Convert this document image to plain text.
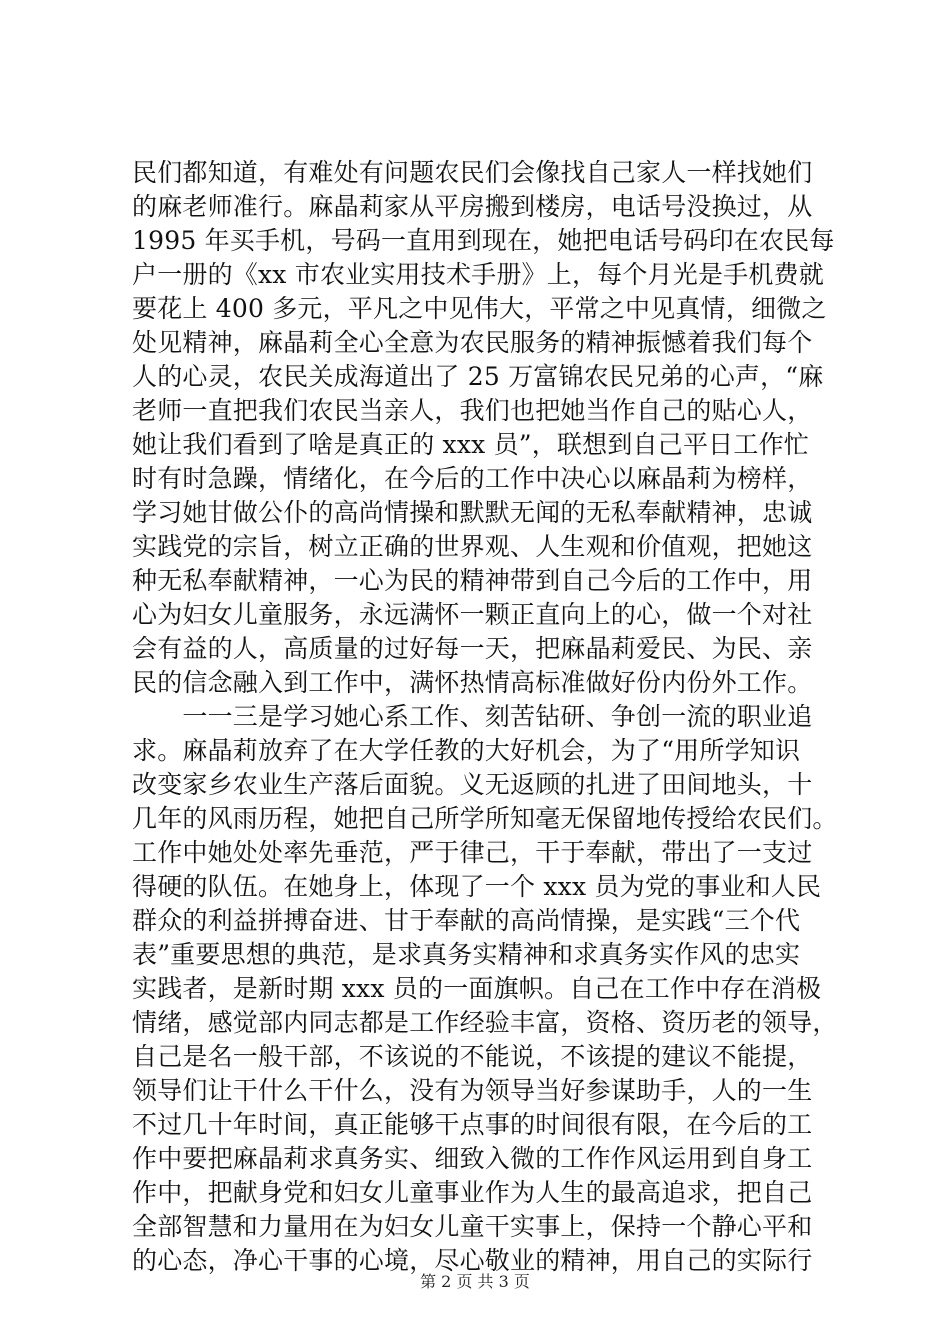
民们都知道，有难处有问题农民们会像找自己家人一样找她们
的麻老师准行。麻晶莉家从平房搬到楼房，电话号没换过，从
1995 年买手机，号码一直用到现在，她把电话号码印在农民每
户一册的《xx 市农业实用技术手册》上，每个月光是手机费就
要花上 400 多元，平凡之中见伟大，平常之中见真情，细微之
处见精神，麻晶莉全心全意为农民服务的精神振憾着我们每个
人的心灵，农民关成海道出了 25 万富锦农民兄弟的心声，“麻
老师一直把我们农民当亲人，我们也把她当作自己的贴心人，
她让我们看到了啥是真正的 xxx 员”，联想到自己平日工作忙
时有时急躁，情绪化，在今后的工作中决心以麻晶莉为榜样，
学习她甘做公仆的高尚情操和默默无闻的无私奉献精神，忠诚
实践党的宗旨，树立正确的世界观、人生观和价值观，把她这
种无私奉献精神，一心为民的精神带到自己今后的工作中，用
心为妇女儿童服务，永远满怀一颗正直向上的心，做一个对社
会有益的人，高质量的过好每一天，把麻晶莉爱民、为民、亲
民的信念融入到工作中，满怀热情高标准做好份内份外工作。
　　一一三是学习她心系工作、刻苦钻研、争创一流的职业追
求。麻晶莉放弃了在大学任教的大好机会，为了“用所学知识
改变家乡农业生产落后面貌。义无返顾的扎进了田间地头，十
几年的风雨历程，她把自己所学所知毫无保留地传授给农民们。
工作中她处处率先垂范，严于律己，干于奉献，带出了一支过
得硬的队伍。在她身上，体现了一个 xxx 员为党的事业和人民
群众的利益拼搏奋进、甘于奉献的高尚情操，是实践“三个代
表”重要思想的典范，是求真务实精神和求真务实作风的忠实
实践者，是新时期 xxx 员的一面旗帜。自己在工作中存在消极
情绪，感觉部内同志都是工作经验丰富，资格、资历老的领导，
自己是名一般干部，不该说的不能说，不该提的建议不能提，
领导们让干什么干什么，没有为领导当好参谋助手，人的一生
不过几十年时间，真正能够干点事的时间很有限，在今后的工
作中要把麻晶莉求真务实、细致入微的工作作风运用到自身工
作中，把献身党和妇女儿童事业作为人生的最高追求，把自己
全部智慧和力量用在为妇女儿童干实事上，保持一个静心平和
的心态，净心干事的心境，尽心敬业的精神，用自己的实际行
第 2 页 共 3 页
